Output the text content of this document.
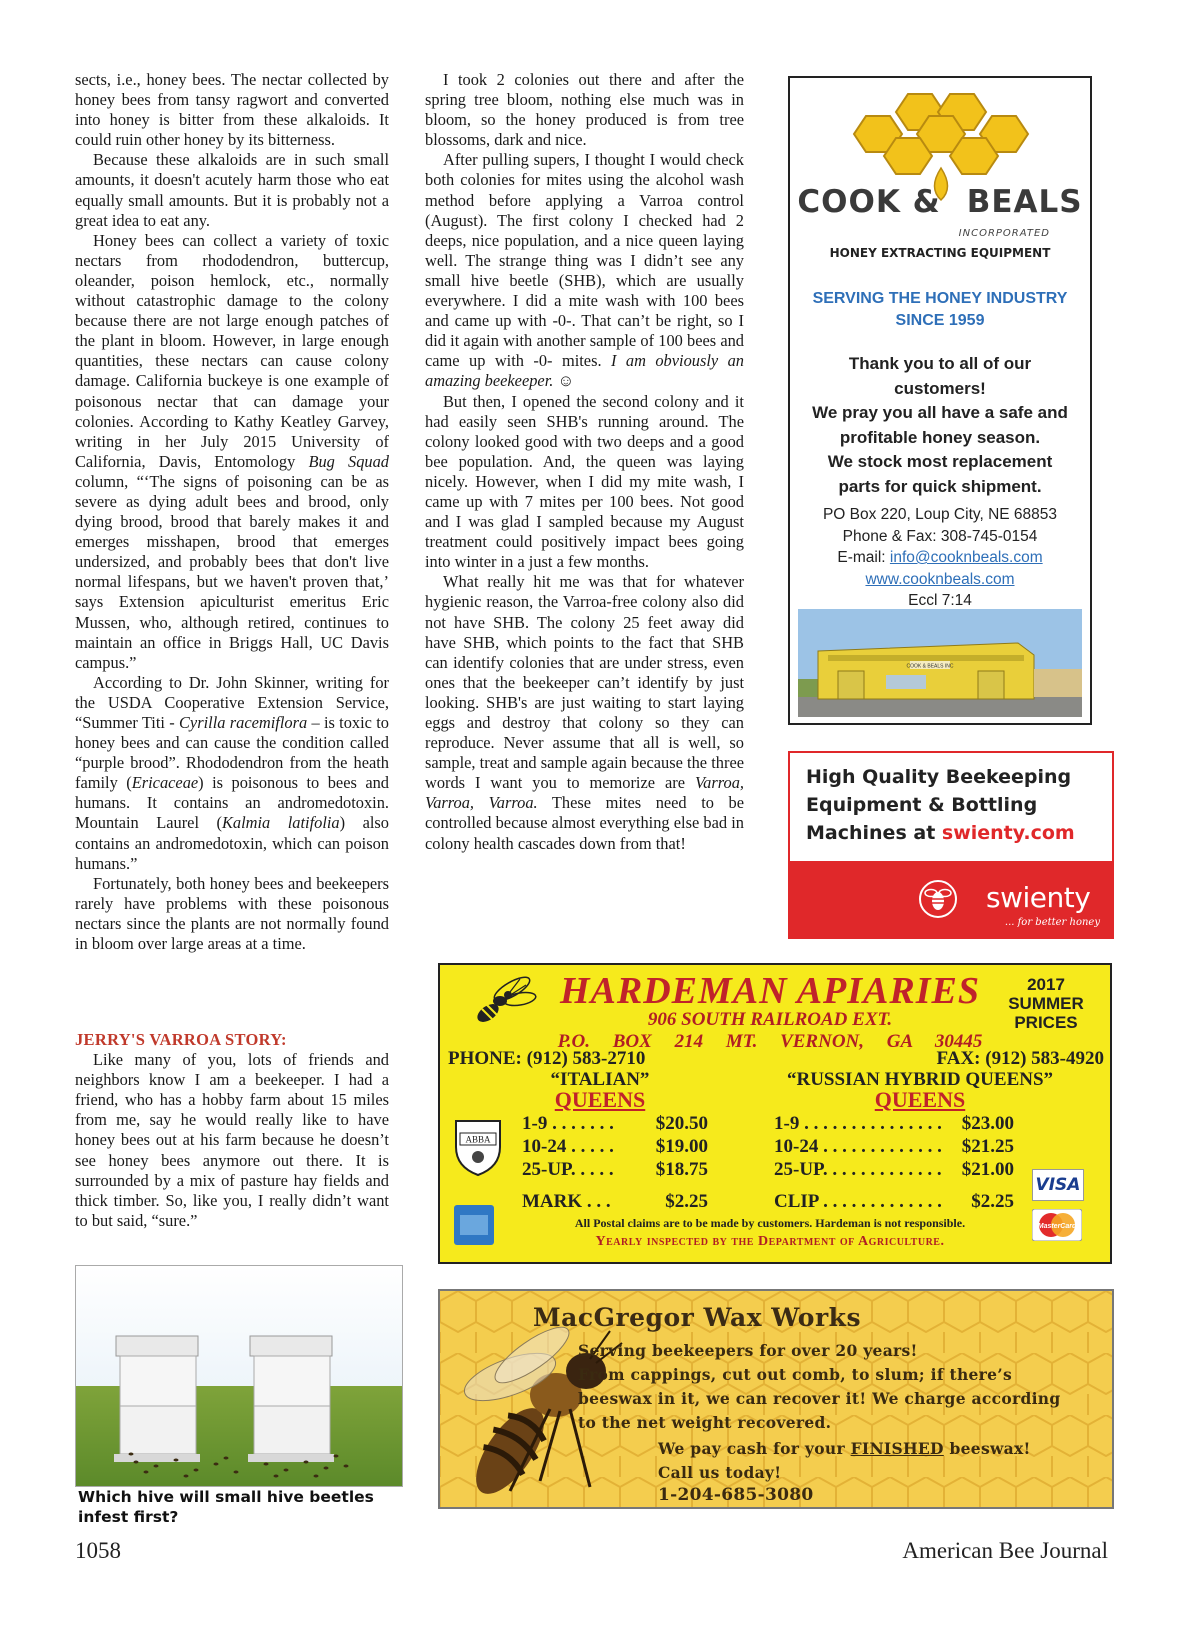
sects, i.e., honey bees. The nectar collected by honey bees from tansy ragwort and converted into honey is bitter from these alkaloids. It could ruin other honey by its bitterness.

Because these alkaloids are in such small amounts, it doesn't acutely harm those who eat equally small amounts. But it is probably not a great idea to eat any.

Honey bees can collect a variety of toxic nectars from rhododendron, buttercup, oleander, poison hemlock, etc., normally without catastrophic damage to the colony because there are not large enough patches of the plant in bloom. However, in large enough quantities, these nectars can cause colony damage. California buckeye is one example of poisonous nectar that can damage your colonies. According to Kathy Keatley Garvey, writing in her July 2015 University of California, Davis, Entomology Bug Squad column, “‘The signs of poisoning can be as severe as dying adult bees and brood, only dying brood, brood that barely makes it and emerges misshapen, brood that emerges undersized, and probably bees that don't live normal lifespans, but we haven't proven that,’ says Extension apiculturist emeritus Eric Mussen, who, although retired, continues to maintain an office in Briggs Hall, UC Davis campus.”

According to Dr. John Skinner, writing for the USDA Cooperative Extension Service, “Summer Titi - Cyrilla racemiflora – is toxic to honey bees and can cause the condition called “purple brood”. Rhododendron from the heath family (Ericaceae) is poisonous to bees and humans. It contains an andromedotoxin. Mountain Laurel (Kalmia latifolia) also contains an andromedotoxin, which can poison humans.”

Fortunately, both honey bees and beekeepers rarely have problems with these poisonous nectars since the plants are not normally found in bloom over large areas at a time.

JERRY'S VARROA STORY:

Like many of you, lots of friends and neighbors know I am a beekeeper. I had a friend, who has a hobby farm about 15 miles from me, say he would really like to have honey bees out at his farm because he doesn’t see honey bees anymore out there. It is surrounded by a mix of pasture hay fields and thick timber. So, like you, I really didn’t want to but said, “sure.”

I took 2 colonies out there and after the spring tree bloom, nothing else much was in bloom, so the honey produced is from tree blossoms, dark and nice.

After pulling supers, I thought I would check both colonies for mites using the alcohol wash method before applying a Varroa control (August). The first colony I checked had 2 deeps, nice population, and a nice queen laying well. The strange thing was I didn’t see any small hive beetle (SHB), which are usually everywhere. I did a mite wash with 100 bees and came up with -0-. That can’t be right, so I did it again with another sample of 100 bees and came up with -0- mites. I am obviously an amazing beekeeper. ☺

But then, I opened the second colony and it had easily seen SHB's running around. The colony looked good with two deeps and a good bee population. And, the queen was laying nicely. However, when I did my mite wash, I came up with 7 mites per 100 bees. Not good and I was glad I sampled because my August treatment could positively impact bees going into winter in a just a few months.

What really hit me was that for whatever hygienic reason, the Varroa-free colony also did not have SHB. The colony 25 feet away did have SHB, which points to the fact that SHB can identify colonies that are under stress, even ones that the beekeeper can’t identify by just looking. SHB's are just waiting to start laying eggs and destroy that colony so they can reproduce. Never assume that all is well, so sample, treat and sample again because the three words I want you to memorize are Varroa, Varroa, Varroa. These mites need to be controlled because almost everything else bad in colony health cascades down from that!

Which hive will small hive beetles infest first?
COOK & BEALS
INCORPORATED
HONEY EXTRACTING EQUIPMENT
SERVING THE HONEY INDUSTRY
SINCE 1959
Thank you to all of our
customers!
We pray you all have a safe and
profitable honey season.
We stock most replacement
parts for quick shipment.
PO Box 220, Loup City, NE 68853
Phone & Fax: 308-745-0154
E-mail: info@cooknbeals.com
www.cooknbeals.com
Eccl 7:14
COOK & BEALS INC
High Quality Beekeeping
Equipment & Bottling
Machines at swienty.com
swienty
... for better honey
HARDEMAN APIARIES
906 SOUTH RAILROAD EXT.
P.O. BOX 214 MT. VERNON, GA 30445
2017
SUMMER
PRICES
PHONE: (912) 583-2710	FAX: (912) 583-4920
“ITALIAN”
QUEENS
“RUSSIAN HYBRID QUEENS”
QUEENS
1-9 . . . . . . . $20.50
10-24 . . . . . $19.00
25-UP. . . . . $18.75
1-9 . . . . . . . . . . . . . . . $23.00
10-24 . . . . . . . . . . . . . $21.25
25-UP. . . . . . . . . . . . . $21.00
MARK . . .	$2.25	CLIP . . . . . . . . . . . . . $2.25
ABBA
VISA
MasterCard
All Postal claims are to be made by customers. Hardeman is not responsible.
Yearly inspected by the Department of Agriculture.
MacGregor Wax Works
Serving beekeepers for over 20 years!
From cappings, cut out comb, to slum; if there’s
beeswax in it, we can recover it! We charge according
to the net weight recovered.
We pay cash for your FINISHED beeswax!
Call us today!
1-204-685-3080
1058	American Bee Journal
